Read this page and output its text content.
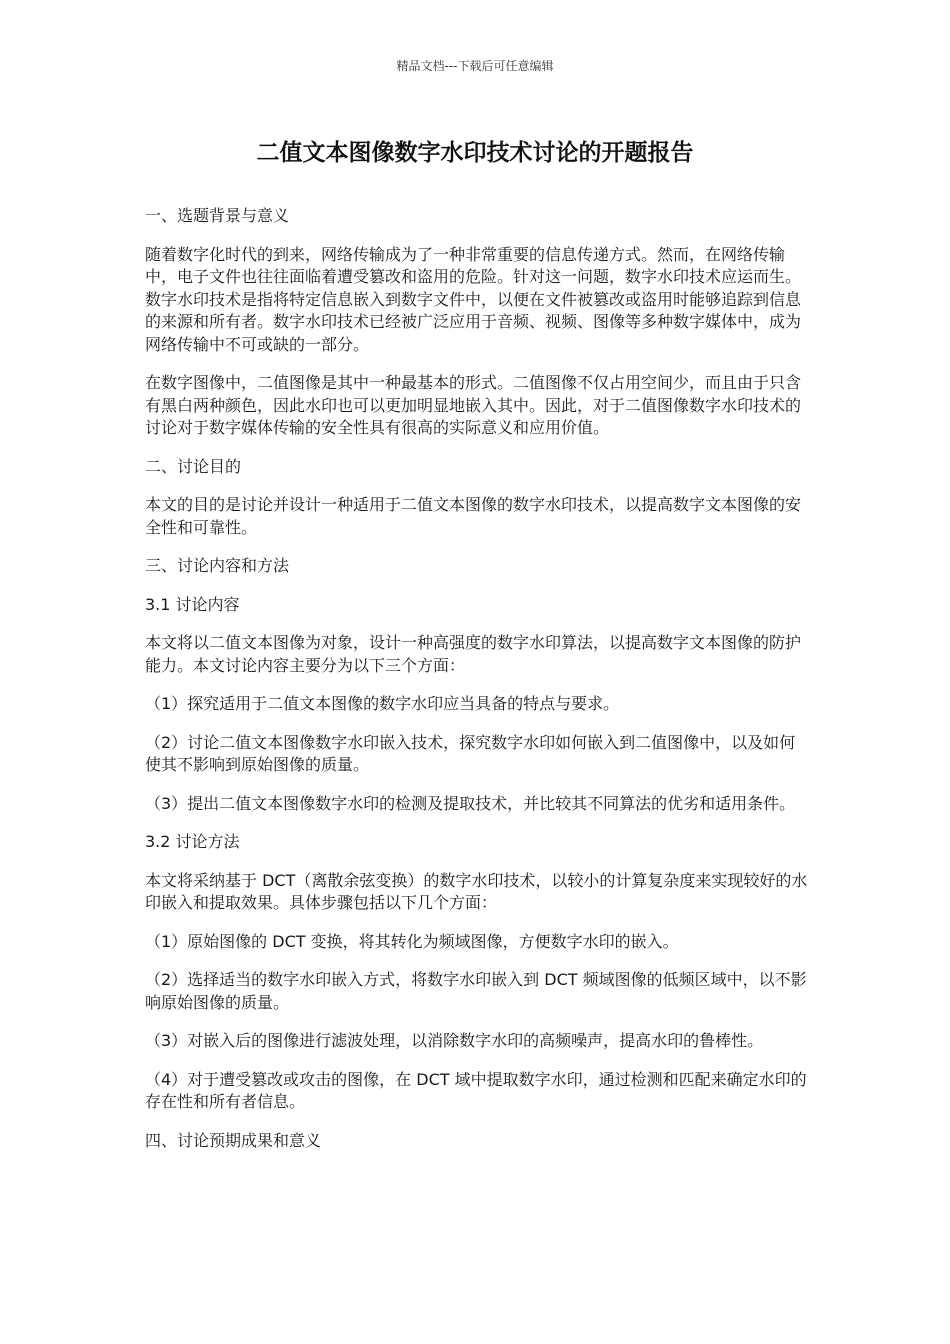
精品文档---下载后可任意编辑
二值文本图像数字水印技术讨论的开题报告
一、选题背景与意义
随着数字化时代的到来，网络传输成为了一种非常重要的信息传递方式。然而，在网络传输中，电子文件也往往面临着遭受篡改和盗用的危险。针对这一问题，数字水印技术应运而生。数字水印技术是指将特定信息嵌入到数字文件中，以便在文件被篡改或盗用时能够追踪到信息的来源和所有者。数字水印技术已经被广泛应用于音频、视频、图像等多种数字媒体中，成为网络传输中不可或缺的一部分。
在数字图像中，二值图像是其中一种最基本的形式。二值图像不仅占用空间少，而且由于只含有黑白两种颜色，因此水印也可以更加明显地嵌入其中。因此，对于二值图像数字水印技术的讨论对于数字媒体传输的安全性具有很高的实际意义和应用价值。
二、讨论目的
本文的目的是讨论并设计一种适用于二值文本图像的数字水印技术，以提高数字文本图像的安全性和可靠性。
三、讨论内容和方法
3.1 讨论内容
本文将以二值文本图像为对象，设计一种高强度的数字水印算法，以提高数字文本图像的防护能力。本文讨论内容主要分为以下三个方面：
（1）探究适用于二值文本图像的数字水印应当具备的特点与要求。
（2）讨论二值文本图像数字水印嵌入技术，探究数字水印如何嵌入到二值图像中，以及如何使其不影响到原始图像的质量。
（3）提出二值文本图像数字水印的检测及提取技术，并比较其不同算法的优劣和适用条件。
3.2 讨论方法
本文将采纳基于 DCT（离散余弦变换）的数字水印技术，以较小的计算复杂度来实现较好的水印嵌入和提取效果。具体步骤包括以下几个方面：
（1）原始图像的 DCT 变换，将其转化为频域图像，方便数字水印的嵌入。
（2）选择适当的数字水印嵌入方式，将数字水印嵌入到 DCT 频域图像的低频区域中，以不影响原始图像的质量。
（3）对嵌入后的图像进行滤波处理，以消除数字水印的高频噪声，提高水印的鲁棒性。
（4）对于遭受篡改或攻击的图像，在 DCT 域中提取数字水印，通过检测和匹配来确定水印的存在性和所有者信息。
四、讨论预期成果和意义
